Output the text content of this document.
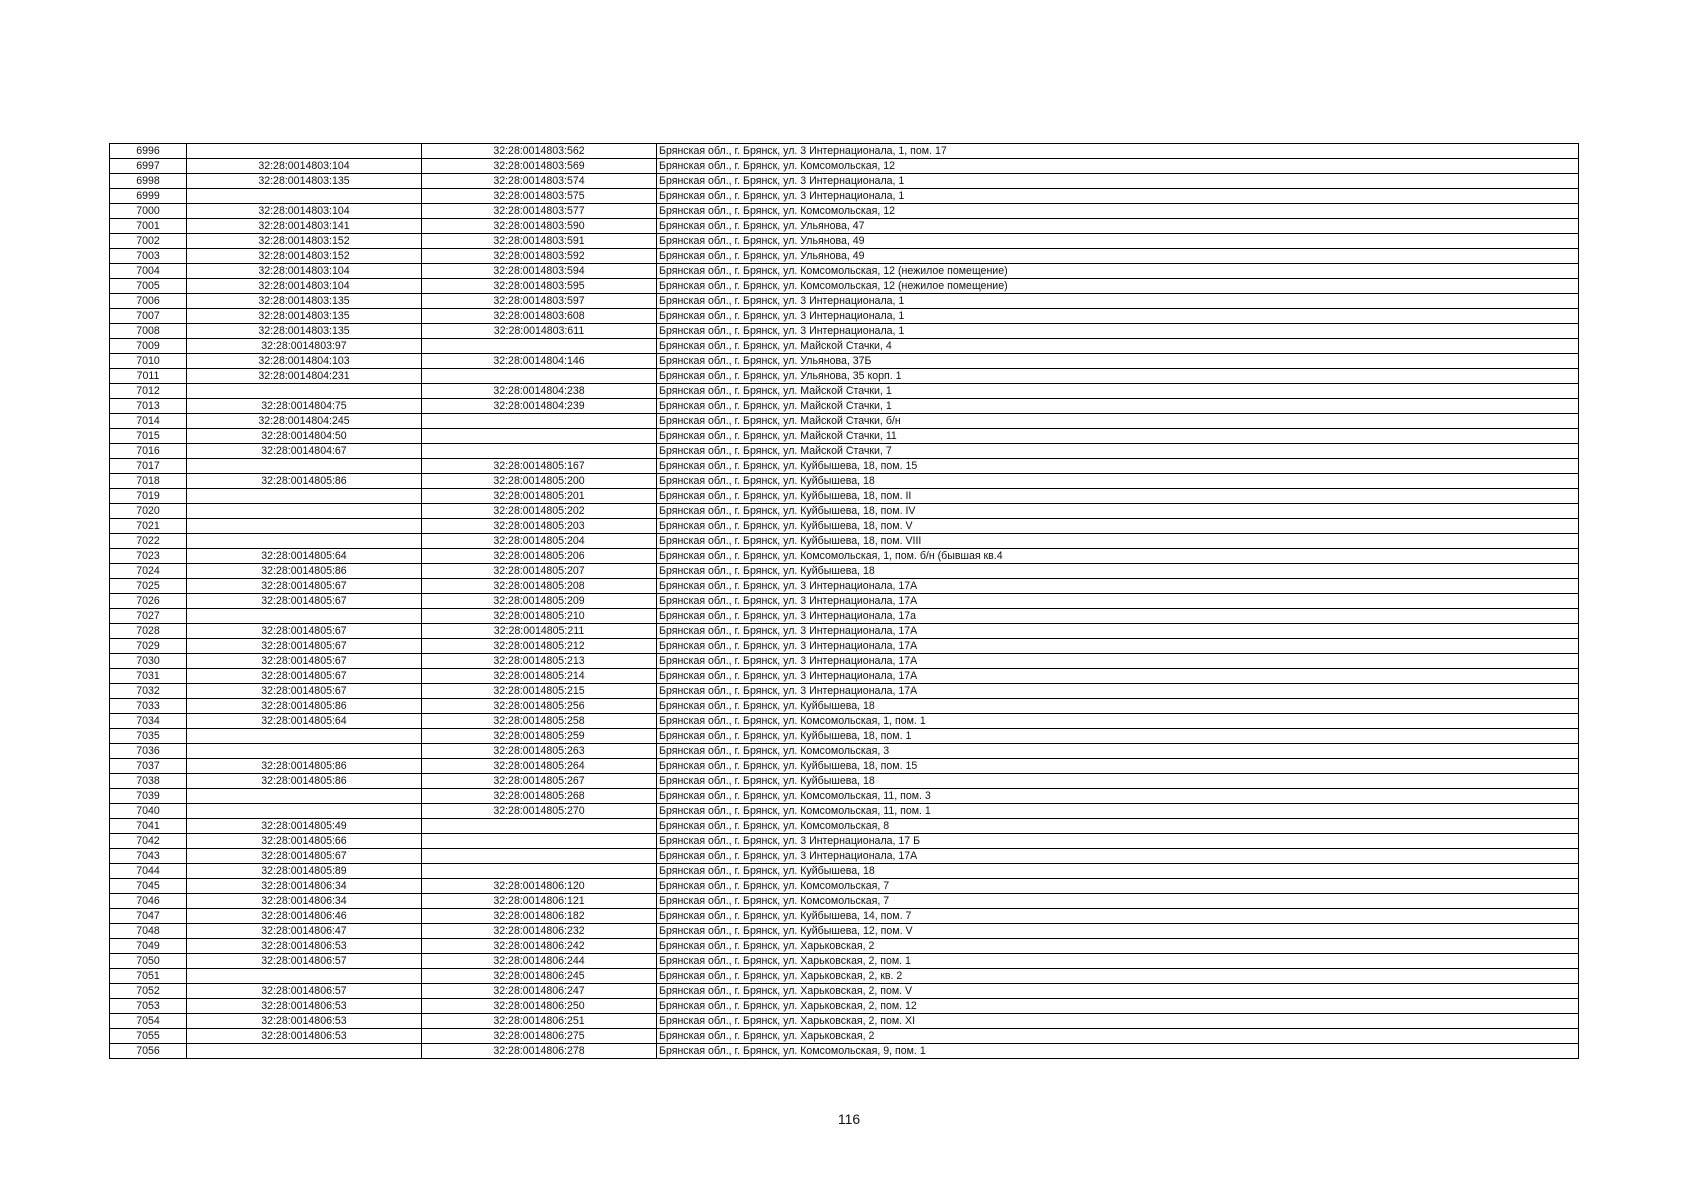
6996		32:28:0014803:562	Брянская обл., г. Брянск, ул. 3 Интернационала, 1, пом. 17
6997	32:28:0014803:104	32:28:0014803:569	Брянская обл., г. Брянск, ул. Комсомольская, 12
6998	32:28:0014803:135	32:28:0014803:574	Брянская обл., г. Брянск, ул. 3 Интернационала, 1
6999		32:28:0014803:575	Брянская обл., г. Брянск, ул. 3 Интернационала, 1
7000	32:28:0014803:104	32:28:0014803:577	Брянская обл., г. Брянск, ул. Комсомольская, 12
7001	32:28:0014803:141	32:28:0014803:590	Брянская обл., г. Брянск, ул. Ульянова, 47
7002	32:28:0014803:152	32:28:0014803:591	Брянская обл., г. Брянск, ул. Ульянова, 49
7003	32:28:0014803:152	32:28:0014803:592	Брянская обл., г. Брянск, ул. Ульянова, 49
7004	32:28:0014803:104	32:28:0014803:594	Брянская обл., г. Брянск, ул. Комсомольская, 12 (нежилое помещение)
7005	32:28:0014803:104	32:28:0014803:595	Брянская обл., г. Брянск, ул. Комсомольская, 12 (нежилое помещение)
7006	32:28:0014803:135	32:28:0014803:597	Брянская обл., г. Брянск, ул. 3 Интернационала, 1
7007	32:28:0014803:135	32:28:0014803:608	Брянская обл., г. Брянск, ул. 3 Интернационала, 1
7008	32:28:0014803:135	32:28:0014803:611	Брянская обл., г. Брянск, ул. 3 Интернационала, 1
7009	32:28:0014803:97		Брянская обл., г. Брянск, ул. Майской Стачки, 4
7010	32:28:0014804:103	32:28:0014804:146	Брянская обл., г. Брянск, ул. Ульянова, 37Б
7011	32:28:0014804:231		Брянская обл., г. Брянск, ул. Ульянова, 35 корп. 1
7012		32:28:0014804:238	Брянская обл., г. Брянск, ул. Майской Стачки, 1
7013	32:28:0014804:75	32:28:0014804:239	Брянская обл., г. Брянск, ул. Майской Стачки, 1
7014	32:28:0014804:245		Брянская обл., г. Брянск, ул. Майской Стачки, б/н
7015	32:28:0014804:50		Брянская обл., г. Брянск, ул. Майской Стачки, 11
7016	32:28:0014804:67		Брянская обл., г. Брянск, ул. Майской Стачки, 7
7017		32:28:0014805:167	Брянская обл., г. Брянск, ул. Куйбышева, 18, пом. 15
7018	32:28:0014805:86	32:28:0014805:200	Брянская обл., г. Брянск, ул. Куйбышева, 18
7019		32:28:0014805:201	Брянская обл., г. Брянск, ул. Куйбышева, 18, пом. II
7020		32:28:0014805:202	Брянская обл., г. Брянск, ул. Куйбышева, 18, пом. IV
7021		32:28:0014805:203	Брянская обл., г. Брянск, ул. Куйбышева, 18, пом. V
7022		32:28:0014805:204	Брянская обл., г. Брянск, ул. Куйбышева, 18, пом. VIII
7023	32:28:0014805:64	32:28:0014805:206	Брянская обл., г. Брянск, ул. Комсомольская, 1, пом. б/н (бывшая кв.4
7024	32:28:0014805:86	32:28:0014805:207	Брянская обл., г. Брянск, ул. Куйбышева, 18
7025	32:28:0014805:67	32:28:0014805:208	Брянская обл., г. Брянск, ул. 3 Интернационала, 17А
7026	32:28:0014805:67	32:28:0014805:209	Брянская обл., г. Брянск, ул. 3 Интернационала, 17А
7027		32:28:0014805:210	Брянская обл., г. Брянск, ул. 3 Интернационала, 17а
7028	32:28:0014805:67	32:28:0014805:211	Брянская обл., г. Брянск, ул. 3 Интернационала, 17А
7029	32:28:0014805:67	32:28:0014805:212	Брянская обл., г. Брянск, ул. 3 Интернационала, 17А
7030	32:28:0014805:67	32:28:0014805:213	Брянская обл., г. Брянск, ул. 3 Интернационала, 17А
7031	32:28:0014805:67	32:28:0014805:214	Брянская обл., г. Брянск, ул. 3 Интернационала, 17А
7032	32:28:0014805:67	32:28:0014805:215	Брянская обл., г. Брянск, ул. 3 Интернационала, 17А
7033	32:28:0014805:86	32:28:0014805:256	Брянская обл., г. Брянск, ул. Куйбышева, 18
7034	32:28:0014805:64	32:28:0014805:258	Брянская обл., г. Брянск, ул. Комсомольская, 1, пом. 1
7035		32:28:0014805:259	Брянская обл., г. Брянск, ул. Куйбышева, 18, пом. 1
7036		32:28:0014805:263	Брянская обл., г. Брянск, ул. Комсомольская, 3
7037	32:28:0014805:86	32:28:0014805:264	Брянская обл., г. Брянск, ул. Куйбышева, 18, пом. 15
7038	32:28:0014805:86	32:28:0014805:267	Брянская обл., г. Брянск, ул. Куйбышева, 18
7039		32:28:0014805:268	Брянская обл., г. Брянск, ул. Комсомольская, 11, пом. 3
7040		32:28:0014805:270	Брянская обл., г. Брянск, ул. Комсомольская, 11, пом. 1
7041	32:28:0014805:49		Брянская обл., г. Брянск, ул. Комсомольская, 8
7042	32:28:0014805:66		Брянская обл., г. Брянск, ул. 3 Интернационала, 17 Б
7043	32:28:0014805:67		Брянская обл., г. Брянск, ул. 3 Интернационала, 17А
7044	32:28:0014805:89		Брянская обл., г. Брянск, ул. Куйбышева, 18
7045	32:28:0014806:34	32:28:0014806:120	Брянская обл., г. Брянск, ул. Комсомольская, 7
7046	32:28:0014806:34	32:28:0014806:121	Брянская обл., г. Брянск, ул. Комсомольская, 7
7047	32:28:0014806:46	32:28:0014806:182	Брянская обл., г. Брянск, ул. Куйбышева, 14, пом. 7
7048	32:28:0014806:47	32:28:0014806:232	Брянская обл., г. Брянск, ул. Куйбышева, 12, пом. V
7049	32:28:0014806:53	32:28:0014806:242	Брянская обл., г. Брянск, ул. Харьковская, 2
7050	32:28:0014806:57	32:28:0014806:244	Брянская обл., г. Брянск, ул. Харьковская, 2, пом. 1
7051		32:28:0014806:245	Брянская обл., г. Брянск, ул. Харьковская, 2, кв. 2
7052	32:28:0014806:57	32:28:0014806:247	Брянская обл., г. Брянск, ул. Харьковская, 2, пом. V
7053	32:28:0014806:53	32:28:0014806:250	Брянская обл., г. Брянск, ул. Харьковская, 2, пом. 12
7054	32:28:0014806:53	32:28:0014806:251	Брянская обл., г. Брянск, ул. Харьковская, 2, пом. XI
7055	32:28:0014806:53	32:28:0014806:275	Брянская обл., г. Брянск, ул. Харьковская, 2
7056		32:28:0014806:278	Брянская обл., г. Брянск, ул. Комсомольская, 9, пом. 1
116
